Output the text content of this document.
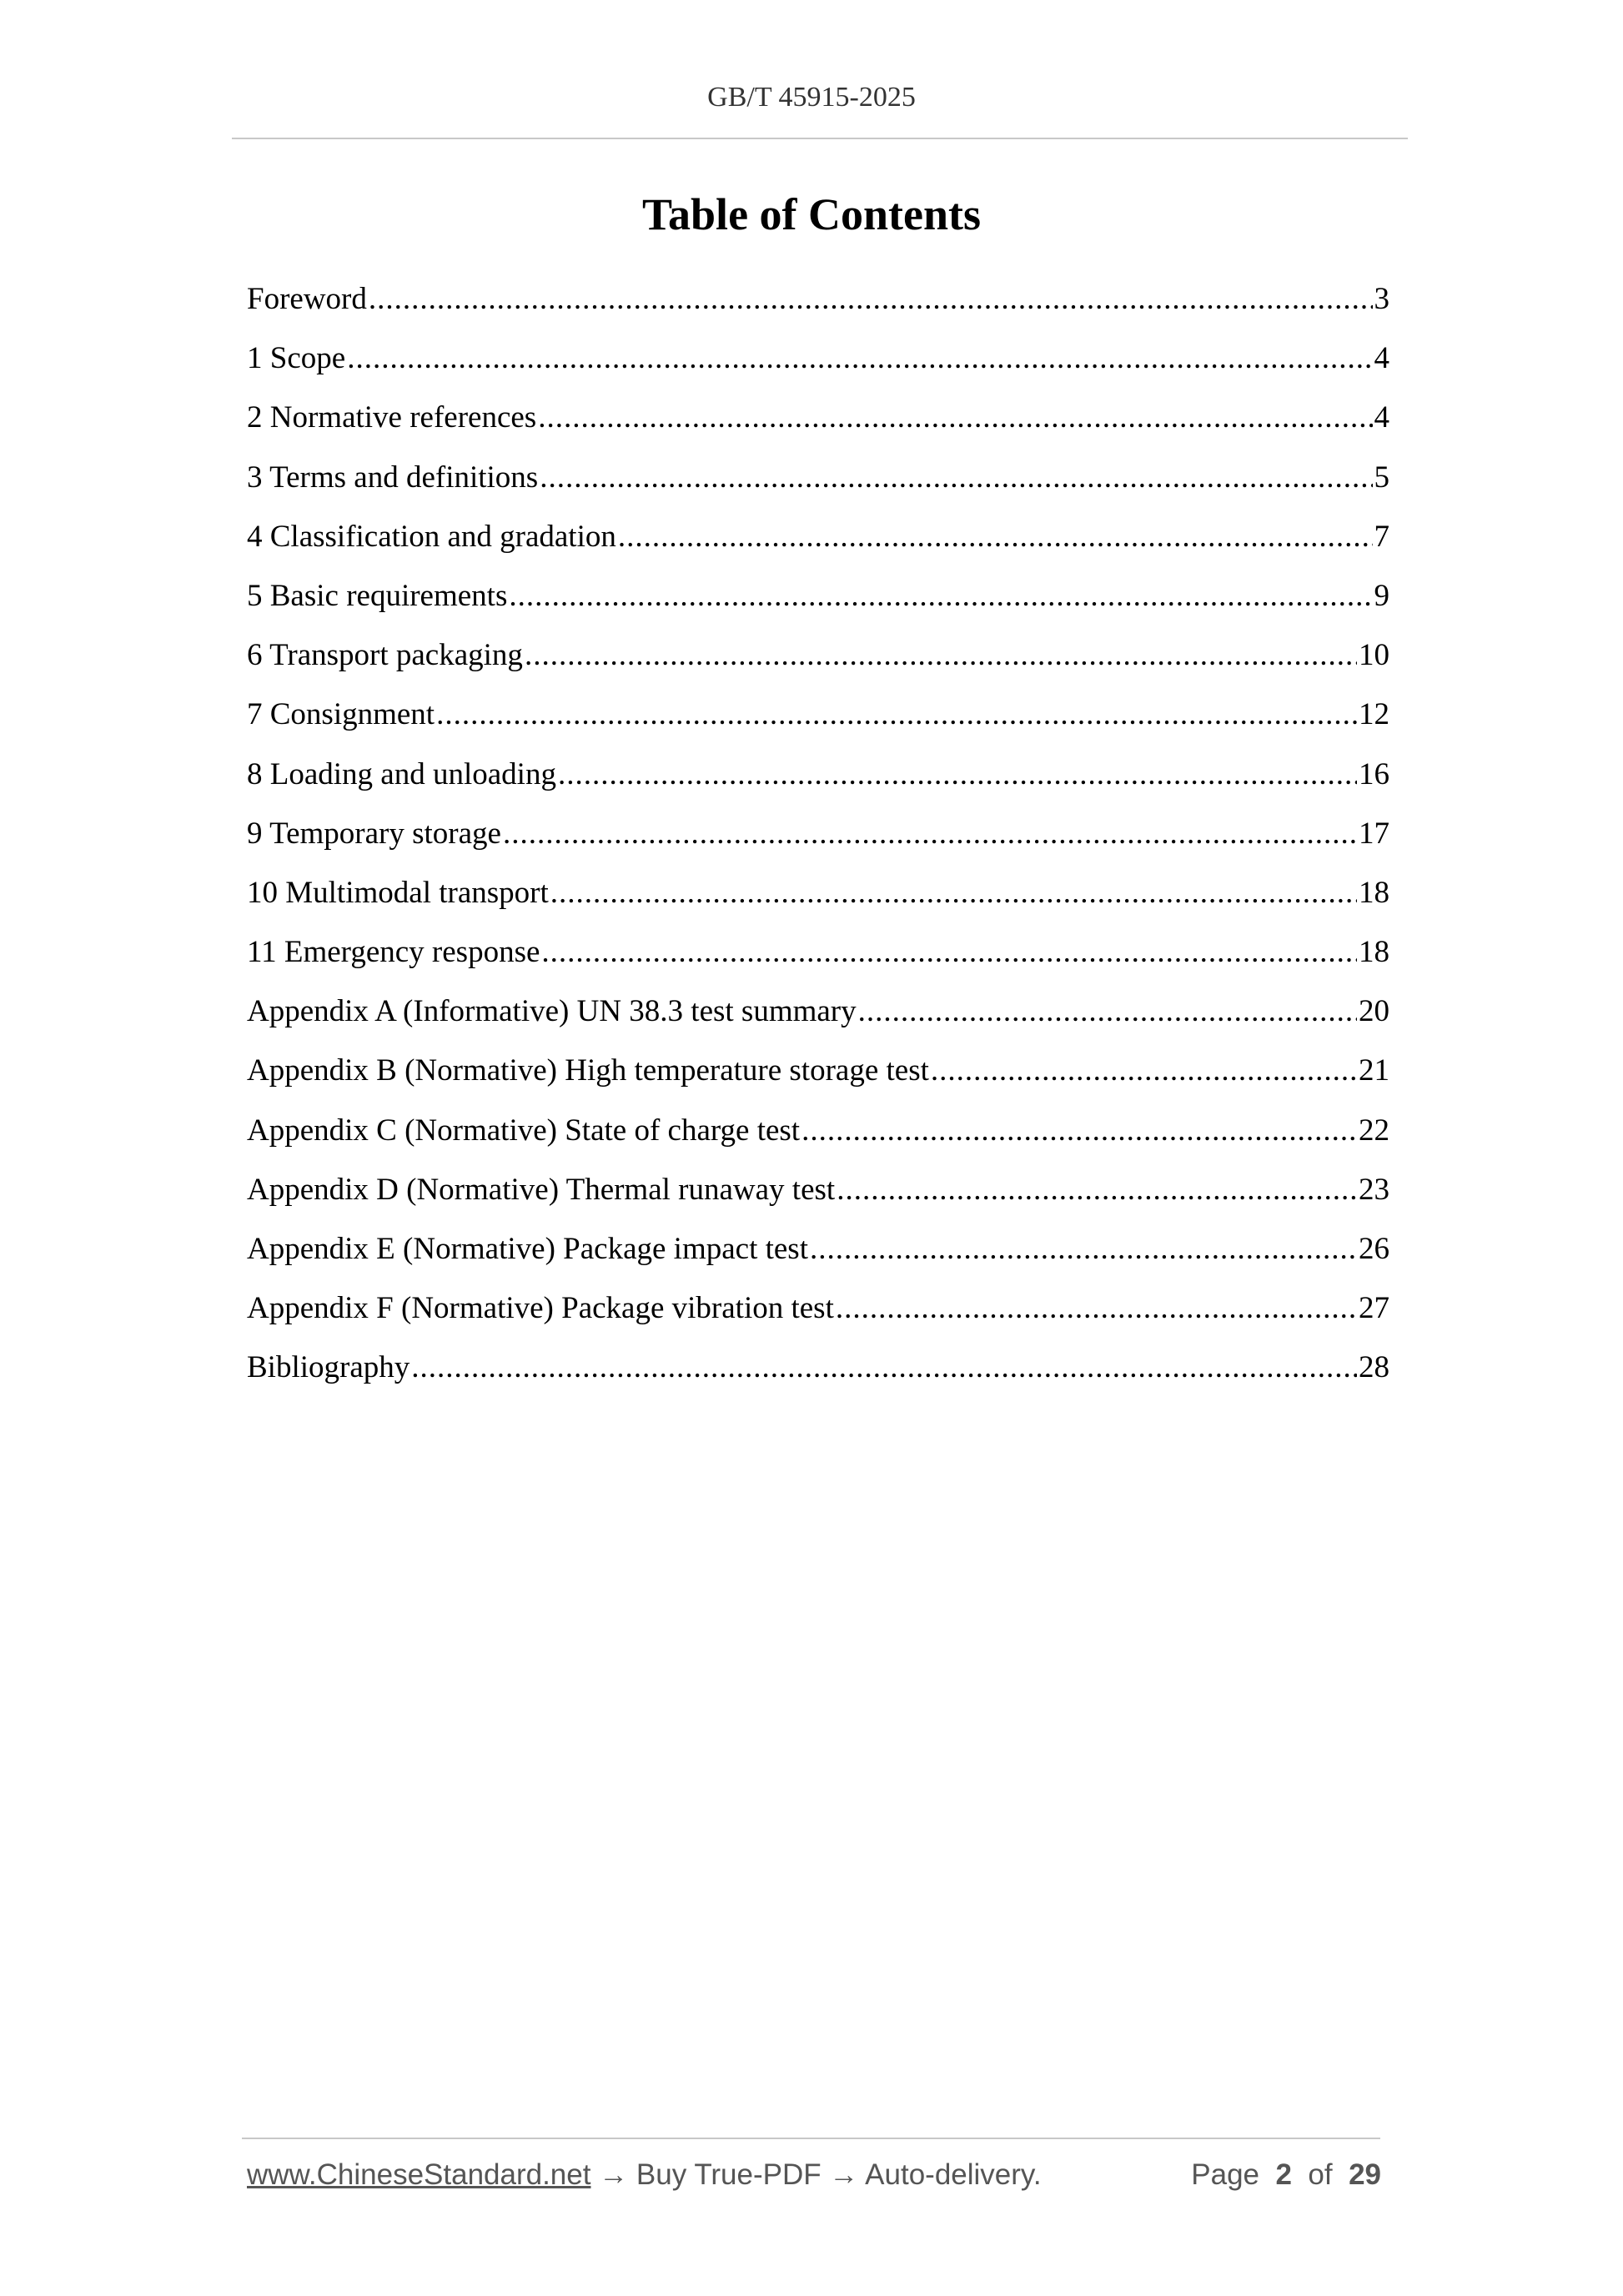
GB/T 45915-2025
Table of Contents
Foreword .....	3
1 Scope .....	4
2 Normative references .....	4
3 Terms and definitions .....	5
4 Classification and gradation .....	7
5 Basic requirements .....	9
6 Transport packaging .....	10
7 Consignment .....	12
8 Loading and unloading .....	16
9 Temporary storage .....	17
10 Multimodal transport .....	18
11 Emergency response .....	18
Appendix A (Informative) UN 38.3 test summary .....	20
Appendix B (Normative) High temperature storage test .....	21
Appendix C (Normative) State of charge test .....	22
Appendix D (Normative) Thermal runaway test .....	23
Appendix E (Normative) Package impact test .....	26
Appendix F (Normative) Package vibration test .....	27
Bibliography .....	28
www.ChineseStandard.net → Buy True-PDF → Auto-delivery.	Page 2 of 29
